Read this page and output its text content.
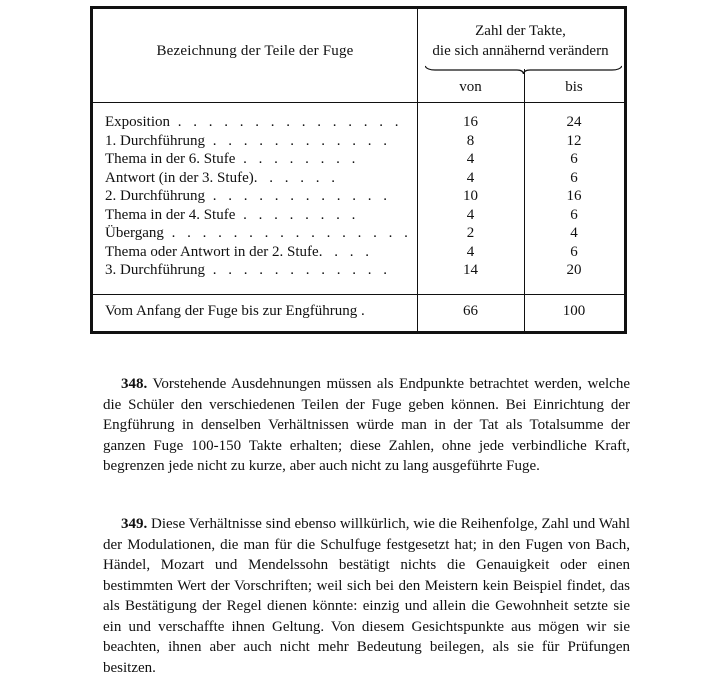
Bezeichnung der Teile der Fuge
Zahl der Takte,
die sich annähernd verändern
von	bis
Exposition . . . . . . . . . . . . . . .	16	24
1. Durchführung . . . . . . . . . . . .	8	12
Thema in der 6. Stufe . . . . . . . .	4	6
Antwort (in der 3. Stufe). . . . . .	4	6
2. Durchführung . . . . . . . . . . . .	10	16
Thema in der 4. Stufe . . . . . . . .	4	6
Übergang . . . . . . . . . . . . . . . .	2	4
Thema oder Antwort in der 2. Stufe. . . .	4	6
3. Durchführung . . . . . . . . . . . .	14	20
Vom Anfang der Fuge bis zur Engführung .	66	100
348. Vorstehende Ausdehnungen müssen als Endpunkte betrachtet werden, welche die Schüler den verschiedenen Teilen der Fuge geben können. Bei Einrichtung der Engführung in denselben Verhältnissen würde man in der Tat als Totalsumme der ganzen Fuge 100-150 Takte erhalten; diese Zahlen, ohne jede verbindliche Kraft, begrenzen jede nicht zu kurze, aber auch nicht zu lang ausgeführte Fuge.
349. Diese Verhältnisse sind ebenso willkürlich, wie die Reihenfolge, Zahl und Wahl der Modulationen, die man für die Schulfuge festgesetzt hat; in den Fugen von Bach, Händel, Mozart und Mendelssohn bestätigt nichts die Genauigkeit oder einen bestimmten Wert der Vorschriften; weil sich bei den Meistern kein Beispiel findet, das als Bestätigung der Regel dienen könnte: einzig und allein die Gewohnheit setzte sie ein und verschaffte ihnen Geltung. Von diesem Gesichtspunkte aus mögen wir sie beachten, ihnen aber auch nicht mehr Bedeutung beilegen, als sie für Prüfungen besitzen.
